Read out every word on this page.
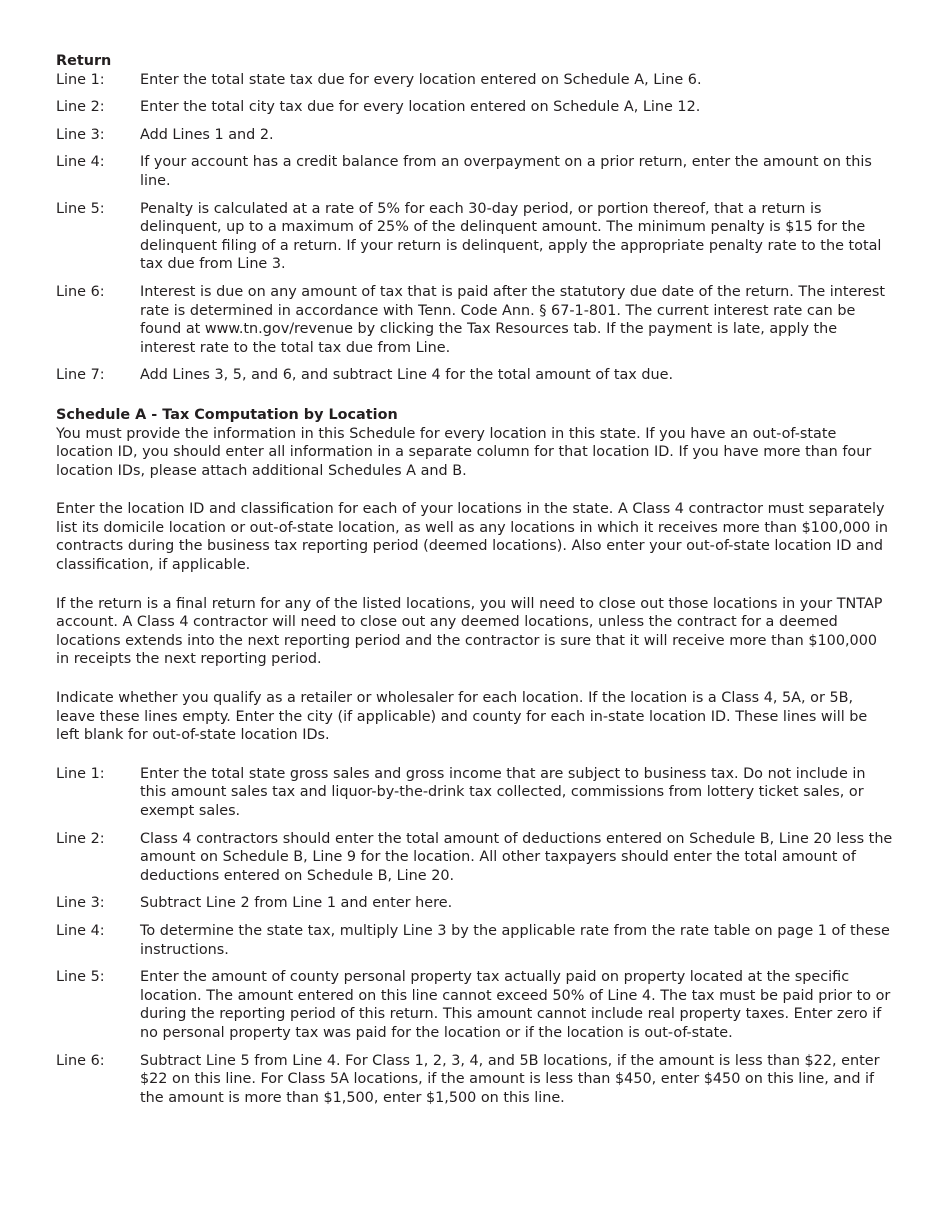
Return

Line 1:	Enter the total state tax due for every location entered on Schedule A, Line 6.
Line 2:	Enter the total city tax due for every location entered on Schedule A, Line 12.
Line 3:	Add Lines 1 and 2.
Line 4:	If your account has a credit balance from an overpayment on a prior return, enter the amount on this line.
Line 5:	Penalty is calculated at a rate of 5% for each 30-day period, or portion thereof, that a return is delinquent, up to a maximum of 25% of the delinquent amount. The minimum penalty is $15 for the delinquent filing of a return. If your return is delinquent, apply the appropriate penalty rate to the total tax due from Line 3.
Line 6:	Interest is due on any amount of tax that is paid after the statutory due date of the return. The interest rate is determined in accordance with Tenn. Code Ann. § 67-1-801. The current interest rate can be found at www.tn.gov/revenue by clicking the Tax Resources tab. If the payment is late, apply the interest rate to the total tax due from Line.
Line 7:	Add Lines 3, 5, and 6, and subtract Line 4 for the total amount of tax due.

Schedule A - Tax Computation by Location

You must provide the information in this Schedule for every location in this state. If you have an out-of-state location ID, you should enter all information in a separate column for that location ID. If you have more than four location IDs, please attach additional Schedules A and B.

Enter the location ID and classification for each of your locations in the state. A Class 4 contractor must separately list its domicile location or out-of-state location, as well as any locations in which it receives more than $100,000 in contracts during the business tax reporting period (deemed locations). Also enter your out-of-state location ID and classification, if applicable.

If the return is a final return for any of the listed locations, you will need to close out those locations in your TNTAP account. A Class 4 contractor will need to close out any deemed locations, unless the contract for a deemed locations extends into the next reporting period and the contractor is sure that it will receive more than $100,000 in receipts the next reporting period.

Indicate whether you qualify as a retailer or wholesaler for each location. If the location is a Class 4, 5A, or 5B, leave these lines empty. Enter the city (if applicable) and county for each in-state location ID. These lines will be left blank for out-of-state location IDs.

Line 1:	Enter the total state gross sales and gross income that are subject to business tax. Do not include in this amount sales tax and liquor-by-the-drink tax collected, commissions from lottery ticket sales, or exempt sales.
Line 2:	Class 4 contractors should enter the total amount of deductions entered on Schedule B, Line 20 less the amount on Schedule B, Line 9 for the location. All other taxpayers should enter the total amount of deductions entered on Schedule B, Line 20.
Line 3:	Subtract Line 2 from Line 1 and enter here.
Line 4:	To determine the state tax, multiply Line 3 by the applicable rate from the rate table on page 1 of these instructions.
Line 5:	Enter the amount of county personal property tax actually paid on property located at the specific location. The amount entered on this line cannot exceed 50% of Line 4. The tax must be paid prior to or during the reporting period of this return. This amount cannot include real property taxes. Enter zero if no personal property tax was paid for the location or if the location is out-of-state.
Line 6:	Subtract Line 5 from Line 4. For Class 1, 2, 3, 4, and 5B locations, if the amount is less than $22, enter $22 on this line. For Class 5A locations, if the amount is less than $450, enter $450 on this line, and if the amount is more than $1,500, enter $1,500 on this line.
